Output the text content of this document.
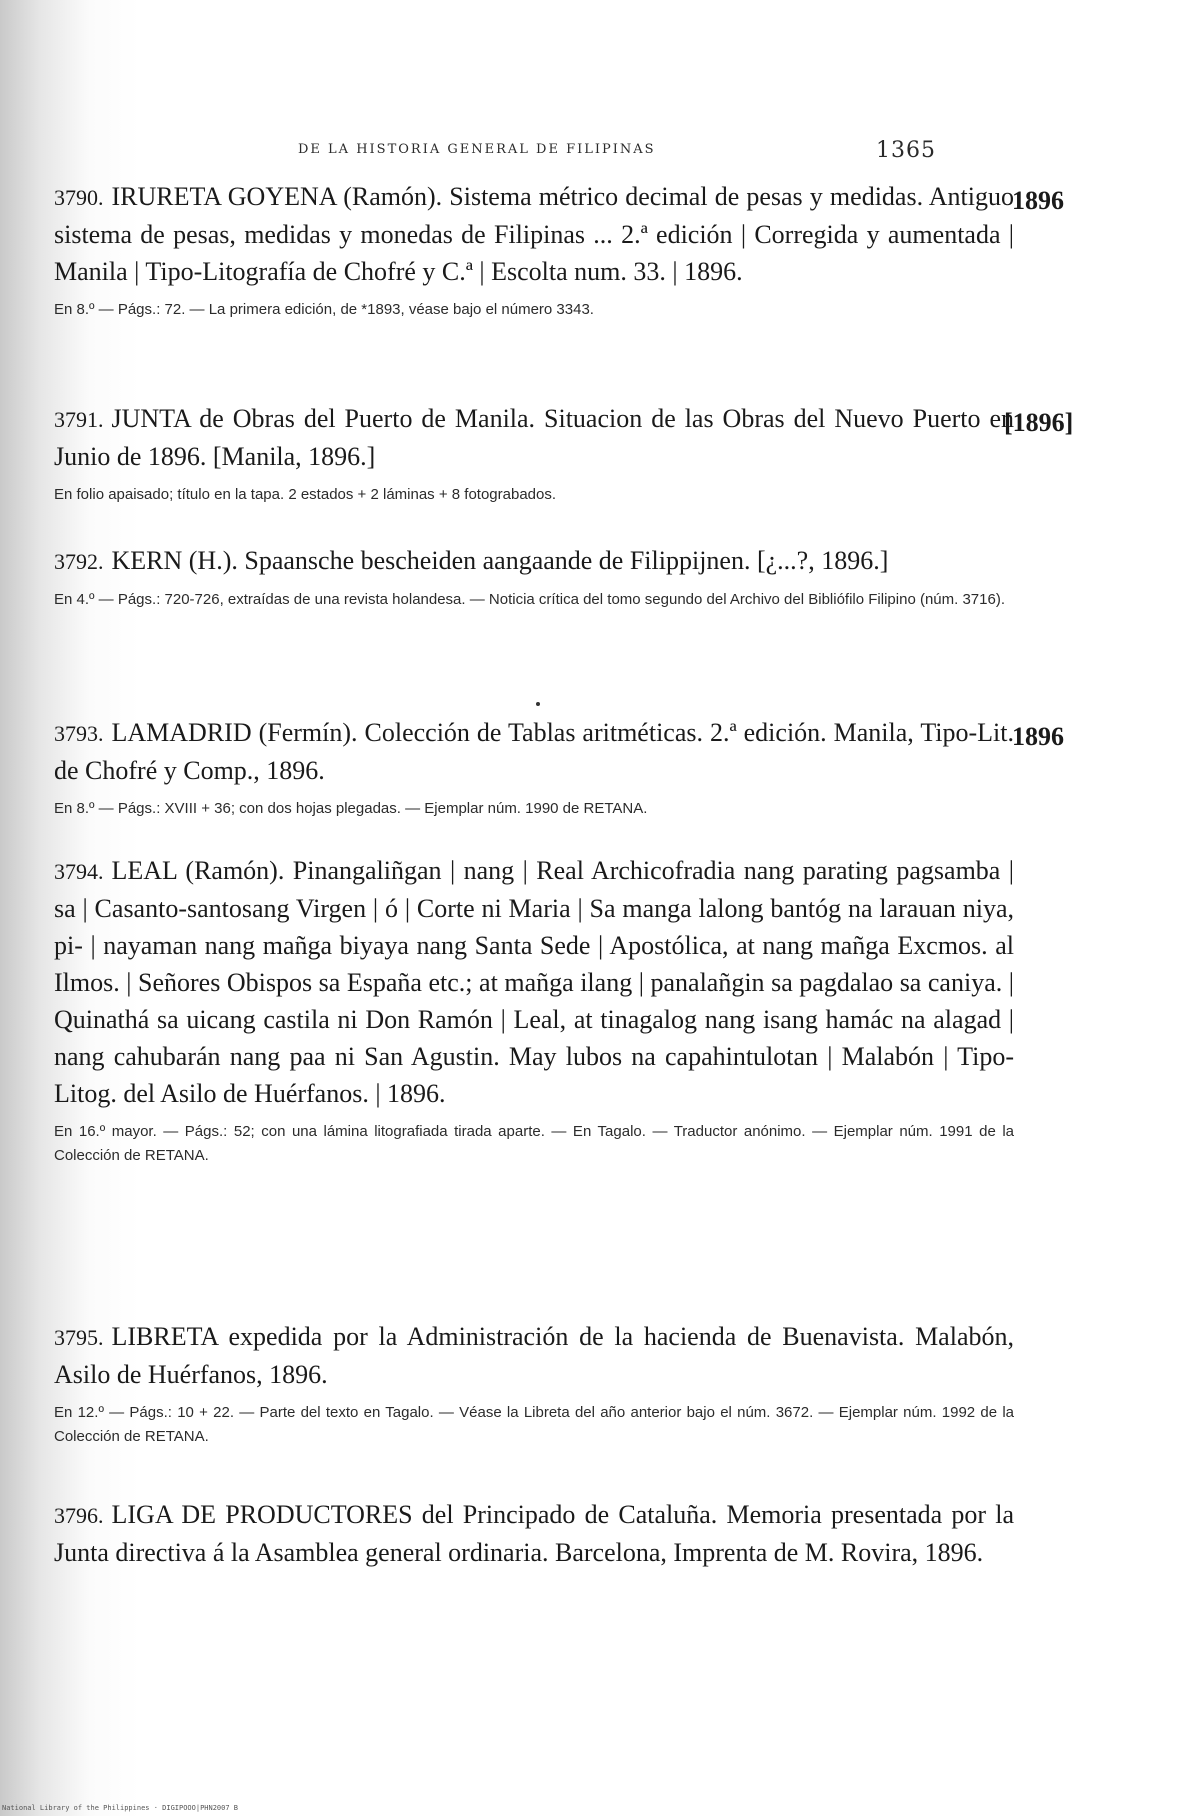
DE LA HISTORIA GENERAL DE FILIPINAS	1365

3790. IRURETA GOYENA (Ramón). Sistema métrico decimal de pesas y medidas. Antiguo sistema de pesas, medidas y monedas de Filipinas ... 2.ª edición | Corregida y aumentada | Manila | Tipo-Litografía de Chofré y C.ª | Escolta num. 33. | 1896.

En 8.º — Págs.: 72. — La primera edición, de *1893, véase bajo el número 3343.

1896

3791. JUNTA de Obras del Puerto de Manila. Situacion de las Obras del Nuevo Puerto en Junio de 1896. [Manila, 1896.]

En folio apaisado; título en la tapa. 2 estados + 2 láminas + 8 fotograbados.

[1896]

3792. KERN (H.). Spaansche bescheiden aangaande de Filippijnen. [¿...?, 1896.]

En 4.º — Págs.: 720-726, extraídas de una revista holandesa. — Noticia crítica del tomo segundo del Archivo del Bibliófilo Filipino (núm. 3716).

3793. LAMADRID (Fermín). Colección de Tablas aritméticas. 2.ª edición. Manila, Tipo-Lit. de Chofré y Comp., 1896.

En 8.º — Págs.: XVIII + 36; con dos hojas plegadas. — Ejemplar núm. 1990 de RETANA.

1896

3794. LEAL (Ramón). Pinangaliñgan | nang | Real Archicofradia nang parating pagsamba | sa | Casanto-santosang Virgen | ó | Corte ni Maria | Sa manga lalong bantóg na larauan niya, pi- | nayaman nang mañga biyaya nang Santa Sede | Apostólica, at nang mañga Excmos. al Ilmos. | Señores Obispos sa España etc.; at mañga ilang | panalañgin sa pagdalao sa caniya. | Quinathá sa uicang castila ni Don Ramón | Leal, at tinagalog nang isang hamác na alagad | nang cahubarán nang paa ni San Agustin. May lubos na capahintulotan | Malabón | Tipo-Litog. del Asilo de Huérfanos. | 1896.

En 16.º mayor. — Págs.: 52; con una lámina litografiada tirada aparte. — En Tagalo. — Traductor anónimo. — Ejemplar núm. 1991 de la Colección de RETANA.

3795. LIBRETA expedida por la Administración de la hacienda de Buenavista. Malabón, Asilo de Huérfanos, 1896.

En 12.º — Págs.: 10 + 22. — Parte del texto en Tagalo. — Véase la Libreta del año anterior bajo el núm. 3672. — Ejemplar núm. 1992 de la Colección de RETANA.

3796. LIGA DE PRODUCTORES del Principado de Cataluña. Memoria presentada por la Junta directiva á la Asamblea general ordinaria. Barcelona, Imprenta de M. Rovira, 1896.

National Library of the Philippines · DIGIPOOO|PHN2007 B
